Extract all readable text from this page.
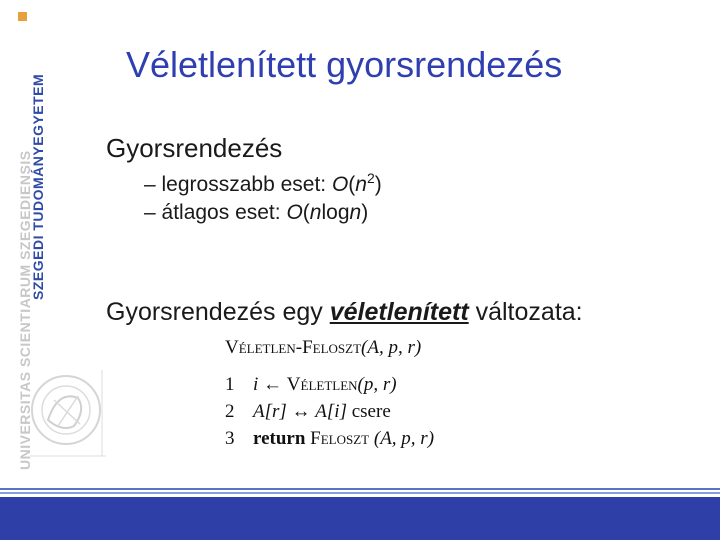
UNIVERSITAS SCIENTIARUM SZEGEDIENSIS
SZEGEDI TUDOMÁNYEGYETEM
Véletlenített gyorsrendezés

Gyorsrendezés

– legrosszabb eset: $O(n^2)$

– átlagos eset: O(nlogn)

Gyorsrendezés egy véletlenített változata:

Véletlen-Feloszt(A, p, r)
1 i ← Véletlen(p, r)
2 A[r] ↔ A[i] csere
3 return Feloszt (A, p, r)
